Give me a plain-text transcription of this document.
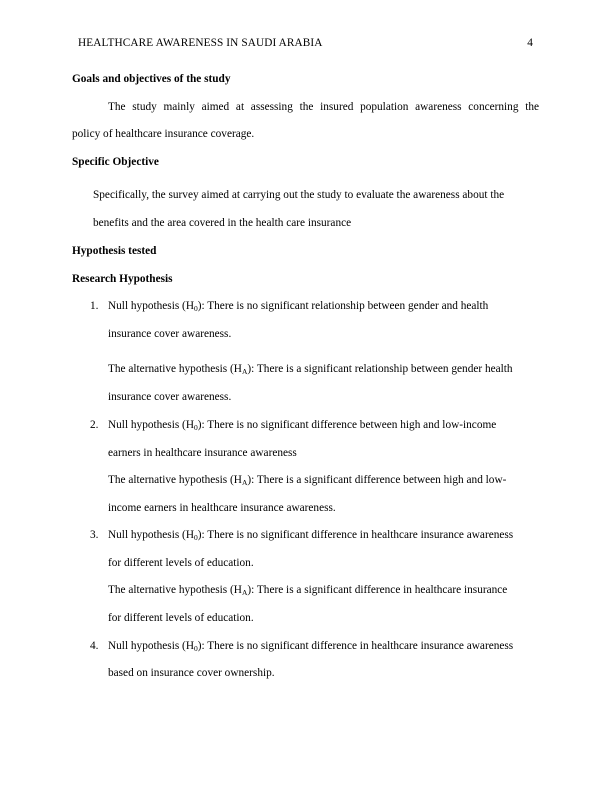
HEALTHCARE AWARENESS IN SAUDI ARABIA	4
Goals and objectives of the study
The study mainly aimed at assessing the insured population awareness concerning the
policy of healthcare insurance coverage.
Specific Objective
Specifically, the survey aimed at carrying out the study to evaluate the awareness about the
benefits and the area covered in the health care insurance
Hypothesis tested
Research Hypothesis
1. Null hypothesis $(H_0)$: There is no significant relationship between gender and health
insurance cover awareness.
The alternative hypothesis $(H_A)$: There is a significant relationship between gender health
insurance cover awareness.
2. Null hypothesis $(H_0)$: There is no significant difference between high and low-income
earners in healthcare insurance awareness
The alternative hypothesis $(H_A)$: There is a significant difference between high and low-
income earners in healthcare insurance awareness.
3. Null hypothesis $(H_0)$: There is no significant difference in healthcare insurance awareness
for different levels of education.
The alternative hypothesis $(H_A)$: There is a significant difference in healthcare insurance
for different levels of education.
4. Null hypothesis $(H_0)$: There is no significant difference in healthcare insurance awareness
based on insurance cover ownership.
